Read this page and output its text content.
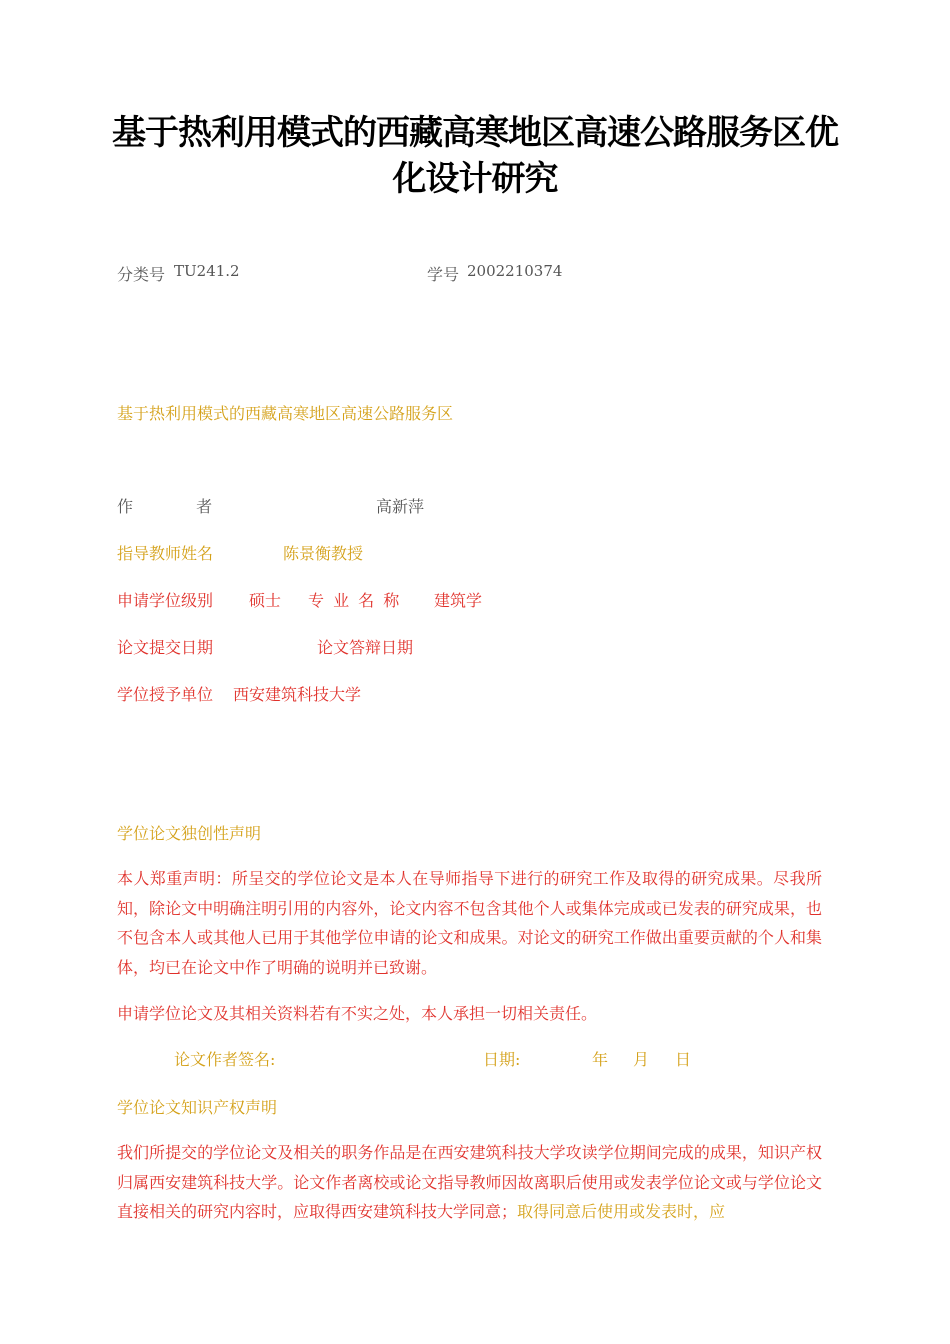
基于热利用模式的西藏高寒地区高速公路服务区优化设计研究
分类号 TU241.2	学号 2002210374
基于热利用模式的西藏高寒地区高速公路服务区
作 者	高新萍
指导教师姓名	陈景衡教授
申请学位级别 硕士 专 业 名 称 建筑学
论文提交日期	论文答辩日期
学位授予单位 西安建筑科技大学
学位论文独创性声明
本人郑重声明：所呈交的学位论文是本人在导师指导下进行的研究工作及取得的研究成果。尽我所知，除论文中明确注明引用的内容外，论文内容不包含其他个人或集体完成或已发表的研究成果，也不包含本人或其他人已用于其他学位申请的论文和成果。对论文的研究工作做出重要贡献的个人和集体，均已在论文中作了明确的说明并已致谢。
申请学位论文及其相关资料若有不实之处，本人承担一切相关责任。
论文作者签名:	日期:	年 月 日
学位论文知识产权声明
我们所提交的学位论文及相关的职务作品是在西安建筑科技大学攻读学位期间完成的成果，知识产权归属西安建筑科技大学。论文作者离校或论文指导教师因故离职后使用或发表学位论文或与学位论文直接相关的研究内容时，应取得西安建筑科技大学同意；取得同意后使用或发表时，应
